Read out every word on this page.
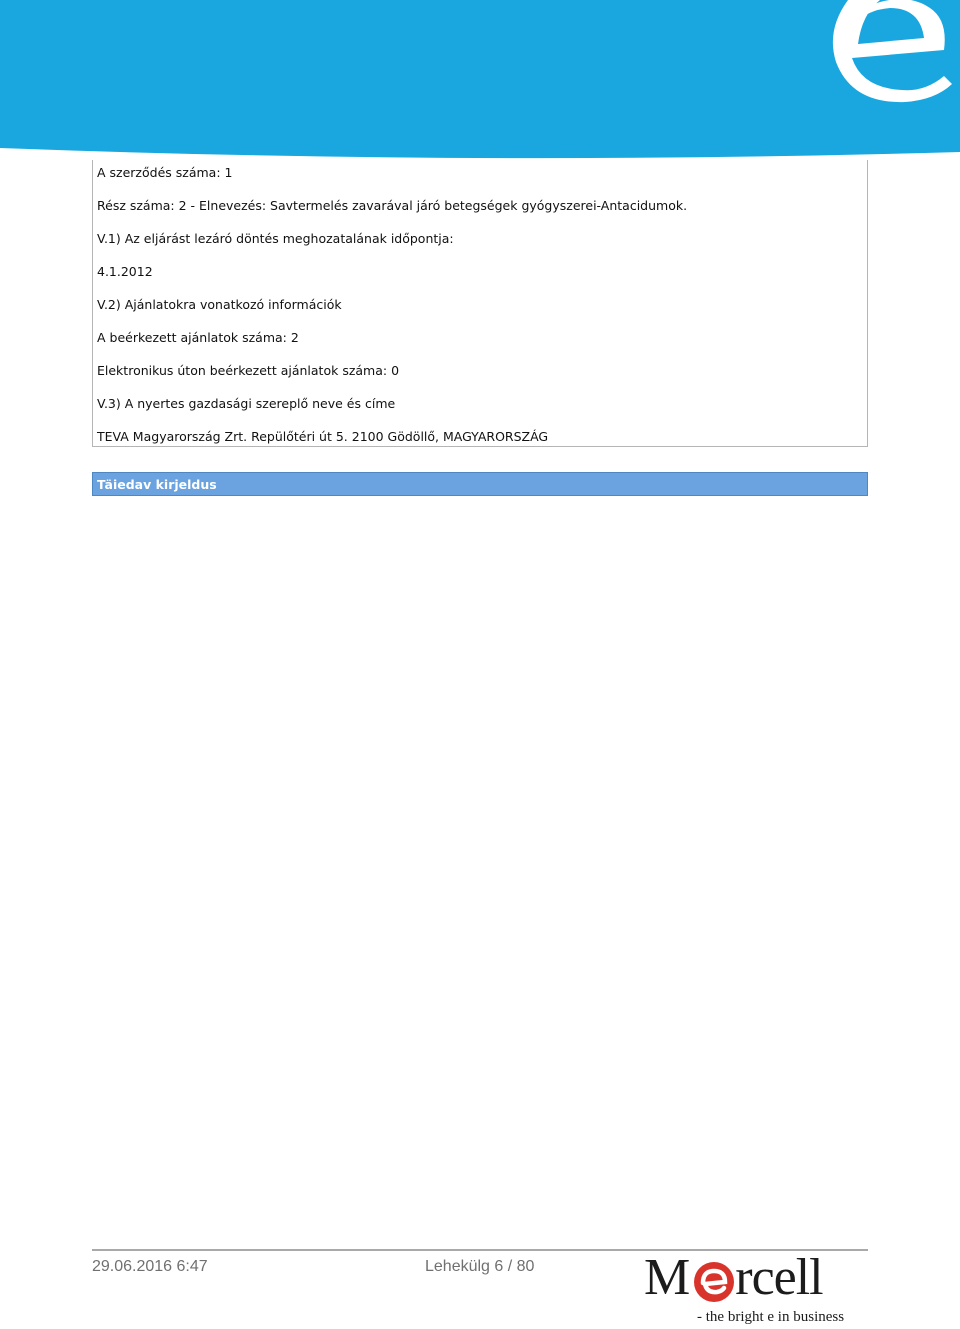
A szerződés száma: 1
Rész száma: 2 - Elnevezés: Savtermelés zavarával járó betegségek gyógyszerei-Antacidumok.
V.1) Az eljárást lezáró döntés meghozatalának időpontja:
4.1.2012
V.2) Ajánlatokra vonatkozó információk
A beérkezett ajánlatok száma: 2
Elektronikus úton beérkezett ajánlatok száma: 0
V.3) A nyertes gazdasági szereplő neve és címe
TEVA Magyarország Zrt. Repülőtéri út 5. 2100 Gödöllő, MAGYARORSZÁG
Täiedav kirjeldus
29.06.2016 6:47	Lehekülg 6 / 80 M rcell
- the bright e in business
